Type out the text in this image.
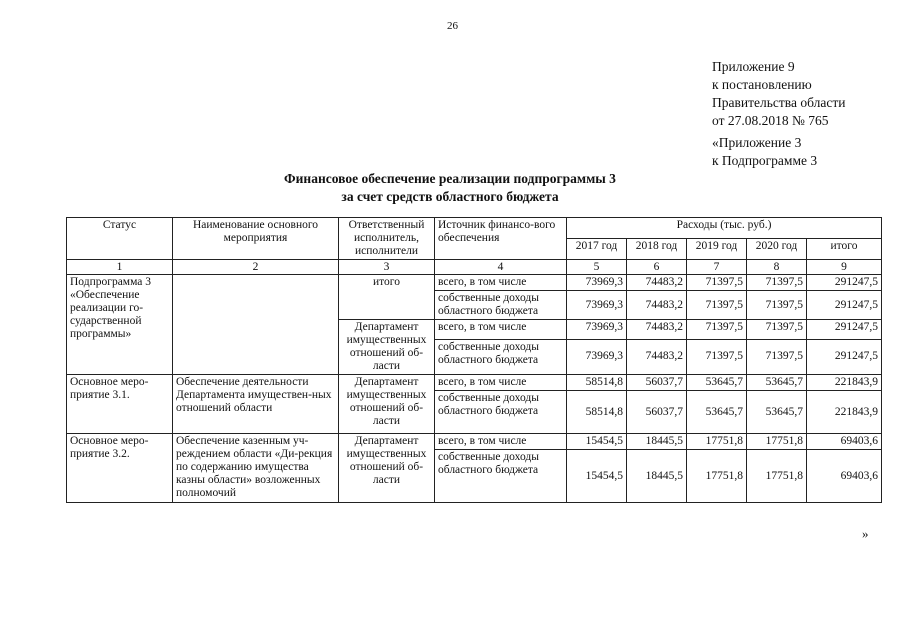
26
Приложение 9
к постановлению
Правительства области
от 27.08.2018 № 765
«Приложение 3
к Подпрограмме 3
Финансовое обеспечение реализации подпрограммы 3
за счет средств областного бюджета
Статус	Наименование основного мероприятия	Ответственный исполнитель, исполнители	Источник финансо-вого обеспечения	Расходы (тыс. руб.)				
				2017 год	2018 год	2019 год	2020 год	итого
1	2	3	4	5	6	7	8	9
Подпрограмма 3 «Обеспечение реализации го-сударственной программы»		итого	всего, в том числе	73969,3	74483,2	71397,5	71397,5	291247,5
			собственные доходы областного бюджета	73969,3	74483,2	71397,5	71397,5	291247,5
		Департамент имущественных отношений об-ласти	всего, в том числе	73969,3	74483,2	71397,5	71397,5	291247,5
			собственные доходы областного бюджета	73969,3	74483,2	71397,5	71397,5	291247,5
Основное меро-приятие 3.1.	Обеспечение деятельности Департамента имуществен-ных отношений области	Департамент имущественных отношений об-ласти	всего, в том числе	58514,8	56037,7	53645,7	53645,7	221843,9
			собственные доходы областного бюджета	58514,8	56037,7	53645,7	53645,7	221843,9
Основное меро-приятие 3.2.	Обеспечение казенным уч-реждением области «Ди-рекция по содержанию имущества казны области» возложенных полномочий	Департамент имущественных отношений об-ласти	всего, в том числе	15454,5	18445,5	17751,8	17751,8	69403,6
			собственные доходы областного бюджета	15454,5	18445,5	17751,8	17751,8	69403,6
»
